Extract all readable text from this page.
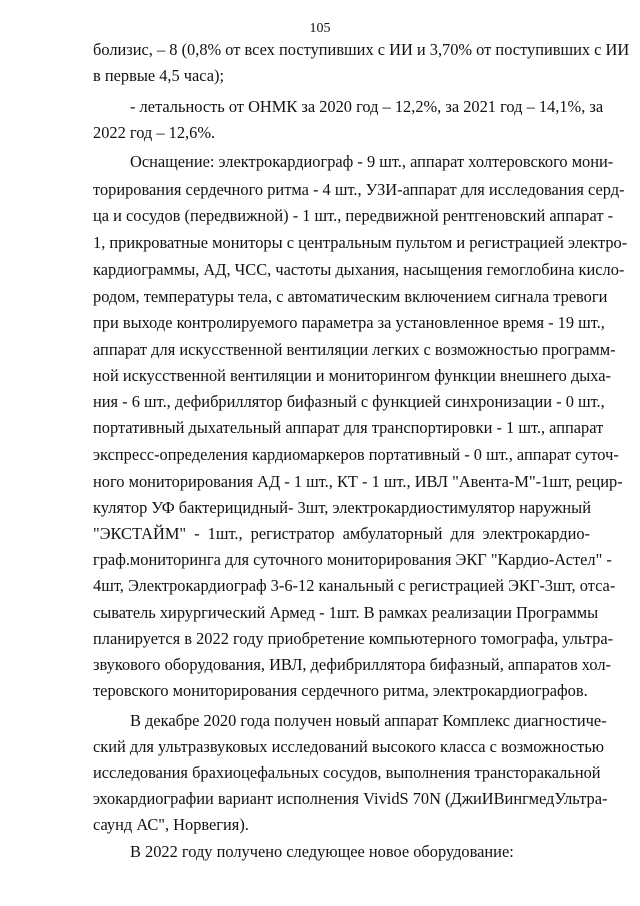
105
болизис, – 8 (0,8% от всех поступивших с ИИ и 3,70% от поступивших с ИИ
в первые 4,5 часа);
- летальность от ОНМК за 2020 год – 12,2%, за 2021 год – 14,1%, за
2022 год – 12,6%.
Оснащение: электрокардиограф - 9 шт., аппарат холтеровского мони-
торирования сердечного ритма - 4 шт., УЗИ-аппарат для исследования серд-
ца и сосудов (передвижной) - 1 шт., передвижной рентгеновский аппарат -
1, прикроватные мониторы с центральным пультом и регистрацией электро-
кардиограммы, АД, ЧСС, частоты дыхания, насыщения гемоглобина кисло-
родом, температуры тела, с автоматическим включением сигнала тревоги
при выходе контролируемого параметра за установленное время - 19 шт.,
аппарат для искусственной вентиляции легких с возможностью программ-
ной искусственной вентиляции и мониторингом функции внешнего дыха-
ния - 6 шт., дефибриллятор бифазный с функцией синхронизации - 0 шт.,
портативный дыхательный аппарат для транспортировки - 1 шт., аппарат
экспресс-определения кардиомаркеров портативный - 0 шт., аппарат суточ-
ного мониторирования АД - 1 шт., КТ - 1 шт., ИВЛ "Авента-М"-1шт, рецир-
кулятор УФ бактерицидный- 3шт, электрокардиостимулятор наружный
"ЭКСТАЙМ" - 1шт., регистратор амбулаторный для электрокардио-
граф.мониторинга для суточного мониторирования ЭКГ "Кардио-Астел" -
4шт, Электрокардиограф 3-6-12 канальный с регистрацией ЭКГ-3шт, отса-
сыватель хирургический Армед - 1шт. В рамках реализации Программы
планируется в 2022 году приобретение компьютерного томографа, ультра-
звукового оборудования, ИВЛ, дефибриллятора бифазный, аппаратов хол-
теровского мониторирования сердечного ритма, электрокардиографов.
В декабре 2020 года получен новый аппарат Комплекс диагностиче-
ский для ультразвуковых исследований высокого класса с возможностью
исследования брахиоцефальных сосудов, выполнения трансторакальной
эхокардиографии вариант исполнения VividS 70N (ДжиИВингмедУльтра-
саунд АС", Норвегия).
В 2022 году получено следующее новое оборудование:
